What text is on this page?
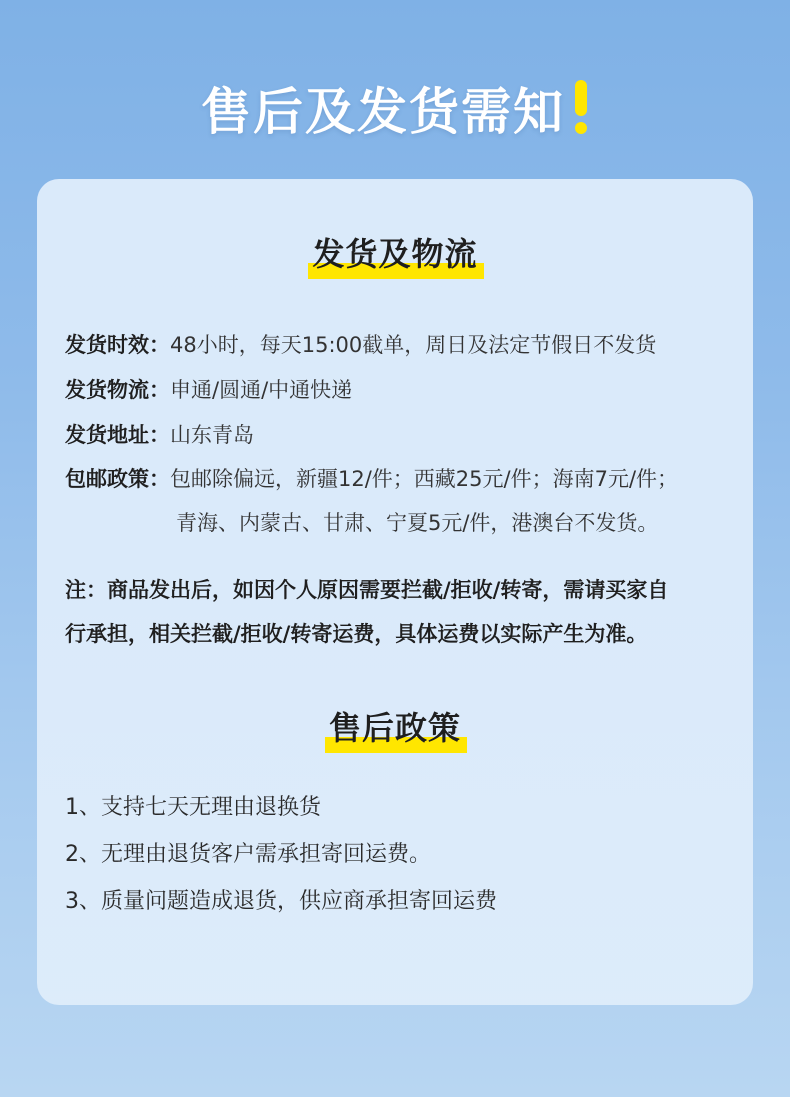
售后及发货需知
发货及物流
发货时效：48小时，每天15:00截单，周日及法定节假日不发货
发货物流：申通/圆通/中通快递
发货地址：山东青岛
包邮政策：包邮除偏远，新疆12/件；西藏25元/件；海南7元/件；
青海、内蒙古、甘肃、宁夏5元/件，港澳台不发货。
注：商品发出后，如因个人原因需要拦截/拒收/转寄，需请买家自
行承担，相关拦截/拒收/转寄运费，具体运费以实际产生为准。
售后政策
1、支持七天无理由退换货
2、无理由退货客户需承担寄回运费。
3、质量问题造成退货，供应商承担寄回运费
